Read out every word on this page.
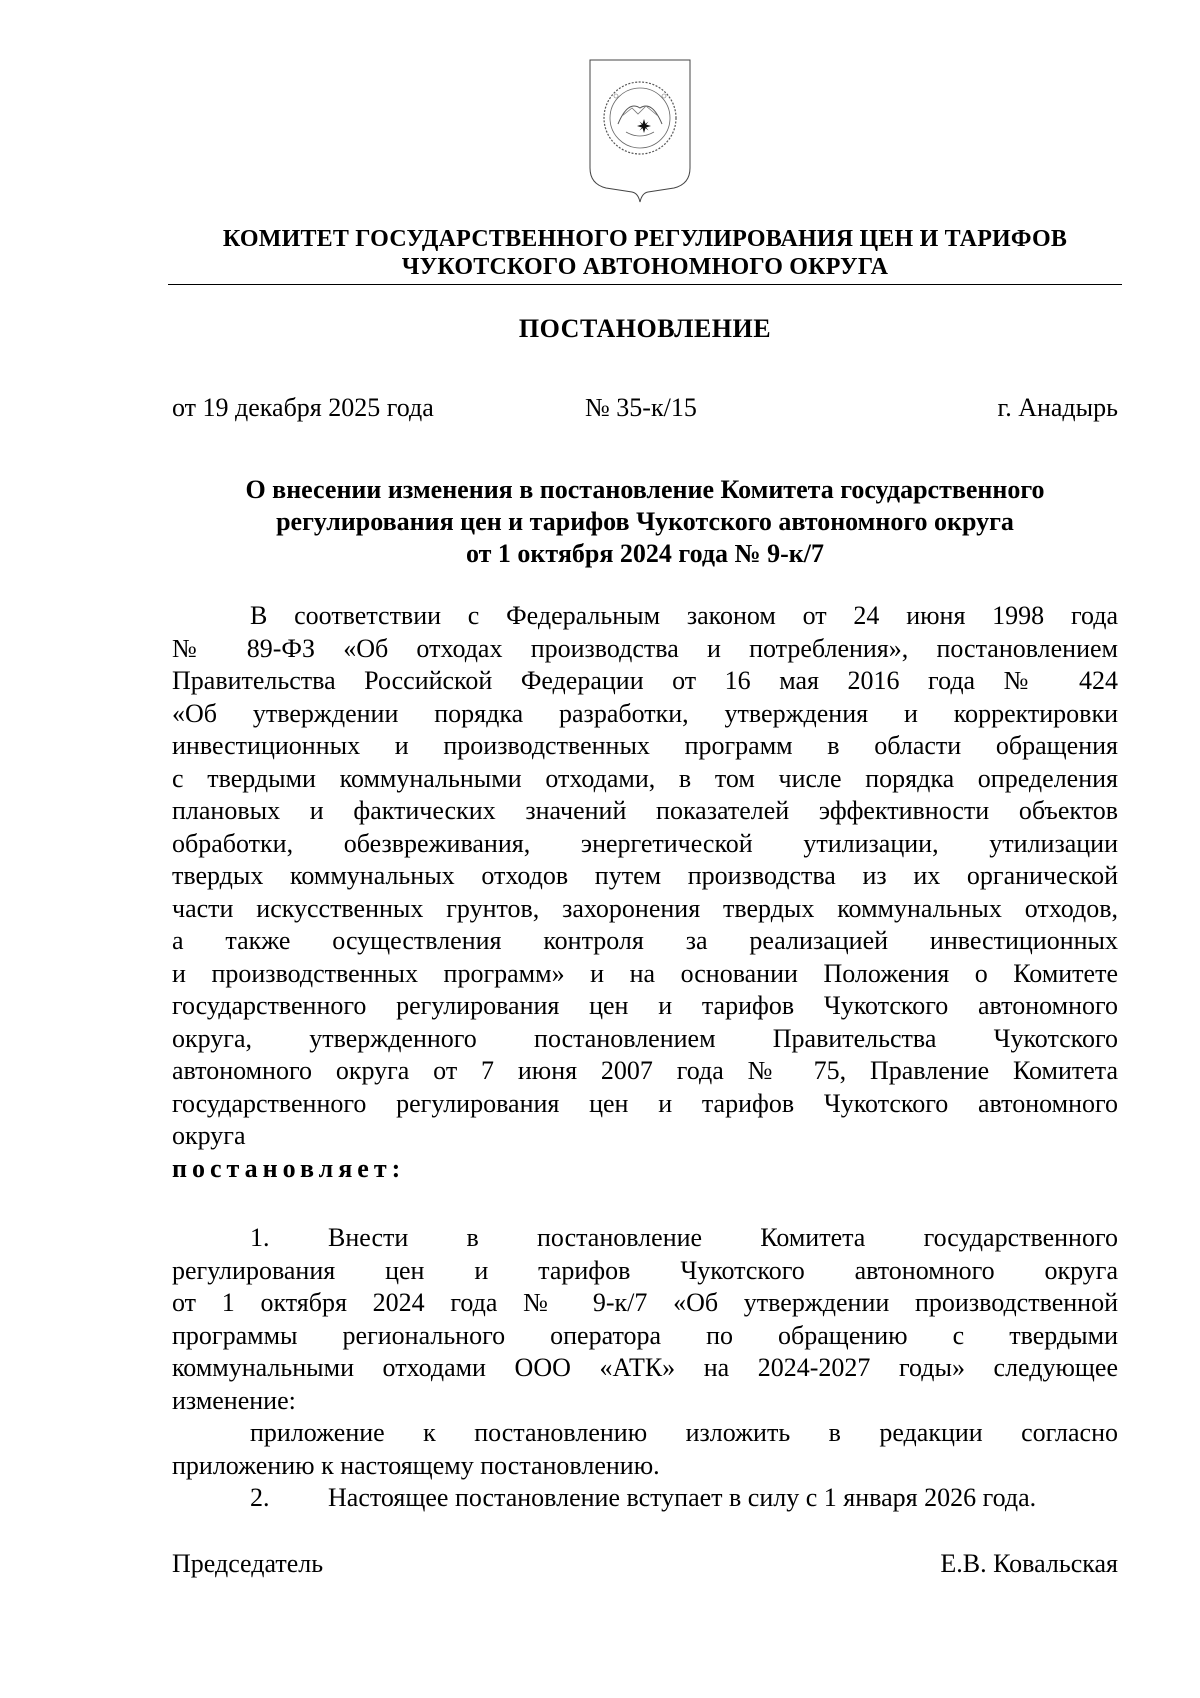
КОМИТЕТ ГОСУДАРСТВЕННОГО РЕГУЛИРОВАНИЯ ЦЕН И ТАРИФОВ
ЧУКОТСКОГО АВТОНОМНОГО ОКРУГА
ПОСТАНОВЛЕНИЕ
от 19 декабря 2025 года	№ 35-к/15	г. Анадырь
О внесении изменения в постановление Комитета государственного
регулирования цен и тарифов Чукотского автономного округа
от 1 октября 2024 года № 9-к/7
В соответствии с Федеральным законом от 24 июня 1998 года
№ 89-ФЗ «Об отходах производства и потребления», постановлением
Правительства Российской Федерации от 16 мая 2016 года № 424
«Об утверждении порядка разработки, утверждения и корректировки
инвестиционных и производственных программ в области обращения
с твердыми коммунальными отходами, в том числе порядка определения
плановых и фактических значений показателей эффективности объектов
обработки, обезвреживания, энергетической утилизации, утилизации
твердых коммунальных отходов путем производства из их органической
части искусственных грунтов, захоронения твердых коммунальных отходов,
а также осуществления контроля за реализацией инвестиционных
и производственных программ» и на основании Положения о Комитете
государственного регулирования цен и тарифов Чукотского автономного
округа, утвержденного постановлением Правительства Чукотского
автономного округа от 7 июня 2007 года № 75, Правление Комитета
государственного регулирования цен и тарифов Чукотского автономного
округа
постановляет:
1. Внести в постановление Комитета государственного
регулирования цен и тарифов Чукотского автономного округа
от 1 октября 2024 года № 9-к/7 «Об утверждении производственной
программы регионального оператора по обращению с твердыми
коммунальными отходами ООО «АТК» на 2024-2027 годы» следующее
изменение:
приложение к постановлению изложить в редакции согласно
приложению к настоящему постановлению.
2. Настоящее постановление вступает в силу с 1 января 2026 года.
Председатель	Е.В. Ковальская
